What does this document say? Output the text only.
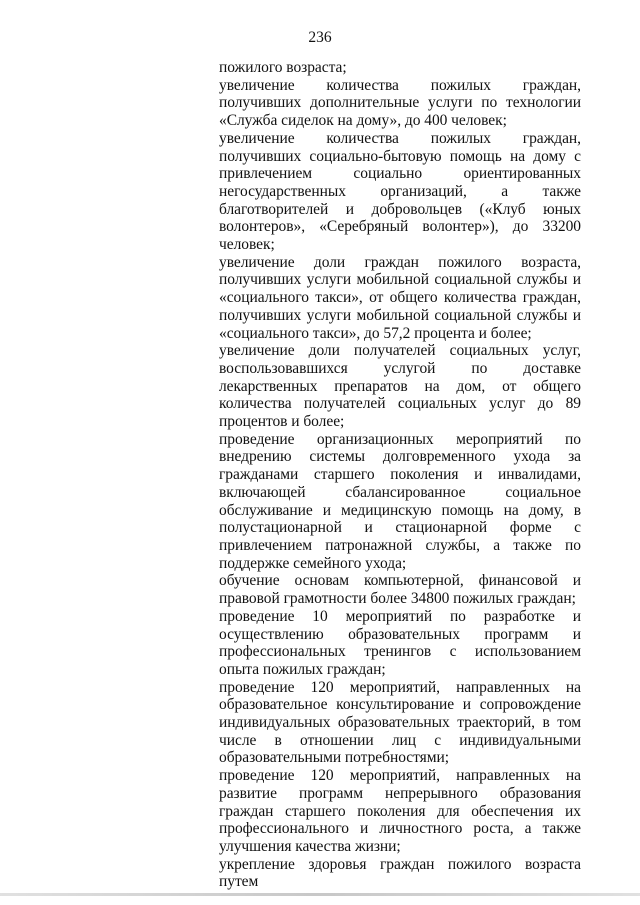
236

пожилого возраста;

увеличение количества пожилых граждан, получивших дополнительные услуги по технологии «Служба сиделок на дому», до 400 человек;

увеличение количества пожилых граждан, получивших социально-бытовую помощь на дому с привлечением социально ориентированных негосударственных организаций, а также благотворителей и добровольцев («Клуб юных волонтеров», «Серебряный волонтер»), до 33200 человек;

увеличение доли граждан пожилого возраста, получивших услуги мобильной социальной службы и «социального такси», от общего количества граждан, получивших услуги мобильной социальной службы и «социального такси», до 57,2 процента и более;

увеличение доли получателей социальных услуг, воспользовавшихся услугой по доставке лекарственных препаратов на дом, от общего количества получателей социальных услуг до 89 процентов и более;

проведение организационных мероприятий по внедрению системы долговременного ухода за гражданами старшего поколения и инвалидами, включающей сбалансированное социальное обслуживание и медицинскую помощь на дому, в полустационарной и стационарной форме с привлечением патронажной службы, а также по поддержке семейного ухода;

обучение основам компьютерной, финансовой и правовой грамотности более 34800 пожилых граждан;

проведение 10 мероприятий по разработке и осуществлению образовательных программ и профессиональных тренингов с использованием опыта пожилых граждан;

проведение 120 мероприятий, направленных на образовательное консультирование и сопровождение индивидуальных образовательных траекторий, в том числе в отношении лиц с индивидуальными образовательными потребностями;

проведение 120 мероприятий, направленных на развитие программ непрерывного образования граждан старшего поколения для обеспечения их профессионального и личностного роста, а также улучшения качества жизни;

укрепление здоровья граждан пожилого возраста путем
